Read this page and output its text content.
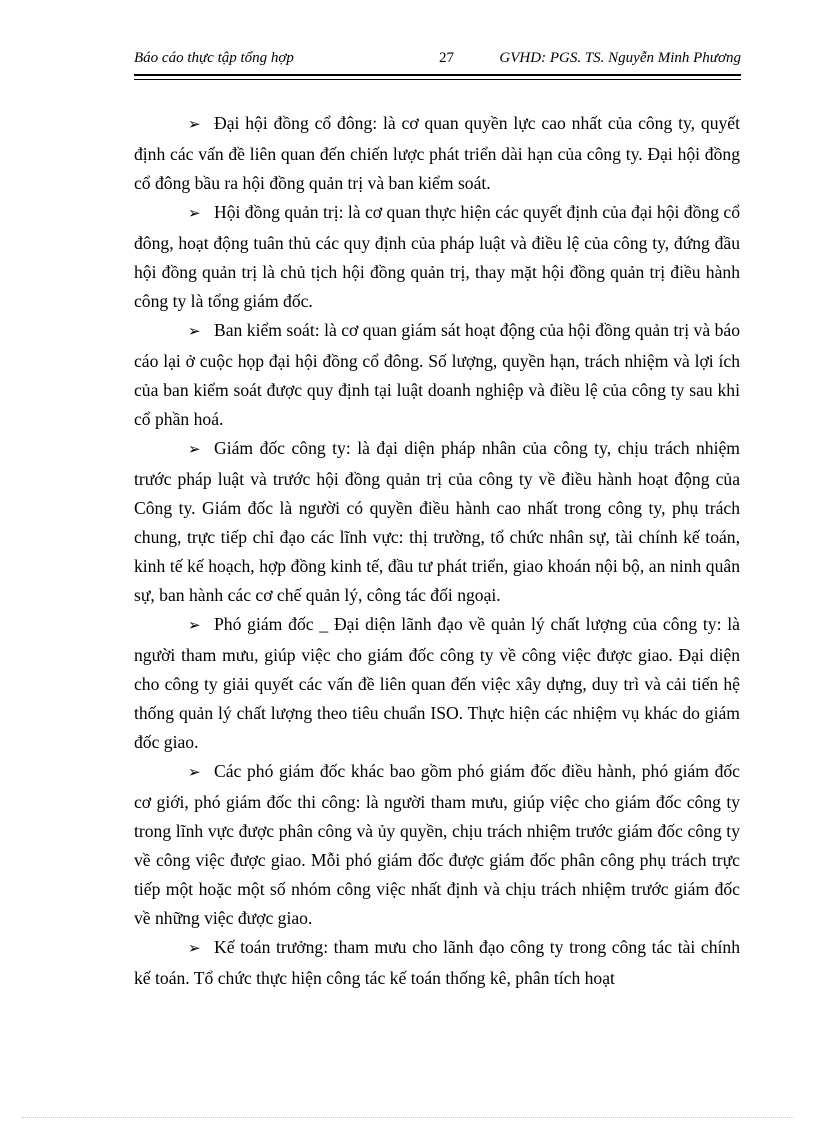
Báo cáo thực tập tổng hợp	27	GVHD: PGS. TS. Nguyễn Minh Phương

➢ Đại hội đồng cổ đông: là cơ quan quyền lực cao nhất của công ty, quyết định các vấn đề liên quan đến chiến lược phát triển dài hạn của công ty. Đại hội đồng cổ đông bầu ra hội đồng quản trị và ban kiểm soát.

➢ Hội đồng quản trị: là cơ quan thực hiện các quyết định của đại hội đồng cổ đông, hoạt động tuân thủ các quy định của pháp luật và điều lệ của công ty, đứng đầu hội đồng quản trị là chủ tịch hội đồng quản trị, thay mặt hội đồng quản trị điều hành công ty là tổng giám đốc.

➢ Ban kiểm soát: là cơ quan giám sát hoạt động của hội đồng quản trị và báo cáo lại ở cuộc họp đại hội đồng cổ đông. Số lượng, quyền hạn, trách nhiệm và lợi ích của ban kiểm soát được quy định tại luật doanh nghiệp và điều lệ của công ty sau khi cổ phần hoá.

➢ Giám đốc công ty: là đại diện pháp nhân của công ty, chịu trách nhiệm trước pháp luật và trước hội đồng quản trị của công ty về điều hành hoạt động của Công ty. Giám đốc là người có quyền điều hành cao nhất trong công ty, phụ trách chung, trực tiếp chỉ đạo các lĩnh vực: thị trường, tổ chức nhân sự, tài chính kế toán, kinh tế kế hoạch, hợp đồng kinh tế, đầu tư phát triển, giao khoán nội bộ, an ninh quân sự, ban hành các cơ chế quản lý, công tác đối ngoại.

➢ Phó giám đốc _ Đại diện lãnh đạo về quản lý chất lượng của công ty: là người tham mưu, giúp việc cho giám đốc công ty về công việc được giao. Đại diện cho công ty giải quyết các vấn đề liên quan đến việc xây dựng, duy trì và cải tiến hệ thống quản lý chất lượng theo tiêu chuẩn ISO. Thực hiện các nhiệm vụ khác do giám đốc giao.

➢ Các phó giám đốc khác bao gồm phó giám đốc điều hành, phó giám đốc cơ giới, phó giám đốc thi công: là người tham mưu, giúp việc cho giám đốc công ty trong lĩnh vực được phân công và ủy quyền, chịu trách nhiệm trước giám đốc công ty về công việc được giao. Mỗi phó giám đốc được giám đốc phân công phụ trách trực tiếp một hoặc một số nhóm công việc nhất định và chịu trách nhiệm trước giám đốc về những việc được giao.

➢ Kế toán trưởng: tham mưu cho lãnh đạo công ty trong công tác tài chính kế toán. Tổ chức thực hiện công tác kế toán thống kê, phân tích hoạt
